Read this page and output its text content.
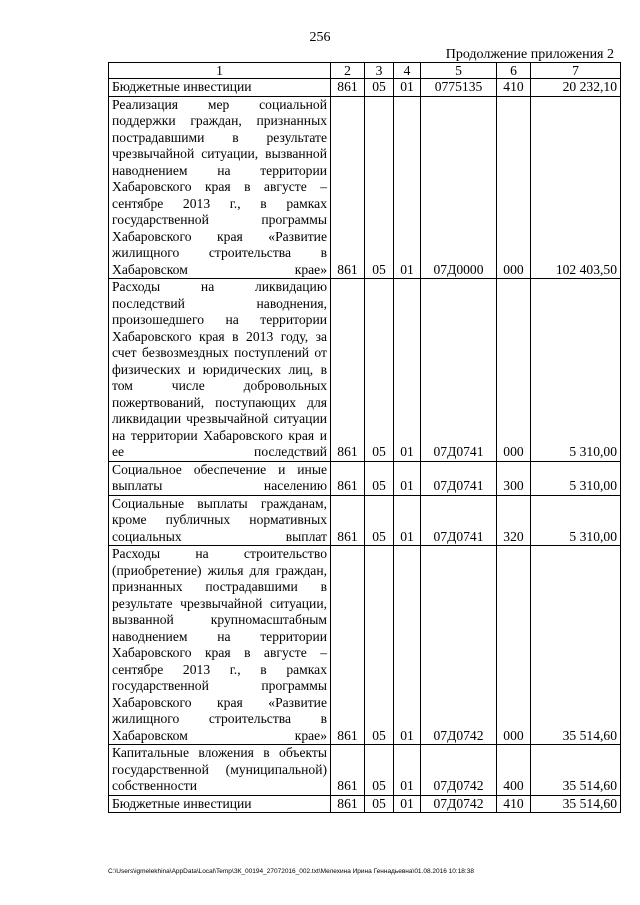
256
Продолжение приложения 2
1	2	3	4	5	6	7
Бюджетные инвестиции	861	05	01	0775135	410	20 232,10
Реализация мер социальной поддержки граждан, признанных пострадавшими в результате чрезвычайной ситуации, вызванной наводнением на территории Хабаровского края в августе – сентябре 2013 г., в рамках государственной программы Хабаровского края «Развитие жилищного строительства в Хабаровском крае»	861	05	01	07Д0000	000	102 403,50
Расходы на ликвидацию последствий наводнения, произошедшего на территории Хабаровского края в 2013 году, за счет безвозмездных поступлений от физических и юридических лиц, в том числе добровольных пожертвований, поступающих для ликвидации чрезвычайной ситуации на территории Хабаровского края и ее последствий	861	05	01	07Д0741	000	5 310,00
Социальное обеспечение и иные выплаты населению	861	05	01	07Д0741	300	5 310,00
Социальные выплаты гражданам, кроме публичных нормативных социальных выплат	861	05	01	07Д0741	320	5 310,00
Расходы на строительство (приобретение) жилья для граждан, признанных пострадавшими в результате чрезвычайной ситуации, вызванной крупномасштабным наводнением на территории Хабаровского края в августе – сентябре 2013 г., в рамках государственной программы Хабаровского края «Развитие жилищного строительства в Хабаровском крае»	861	05	01	07Д0742	000	35 514,60
Капитальные вложения в объекты государственной (муниципальной) собственности	861	05	01	07Д0742	400	35 514,60
Бюджетные инвестиции	861	05	01	07Д0742	410	35 514,60
C:\Users\igmelekhina\AppData\Local\Temp\ЗК_00194_27072016_002.txt\Мелехина Ирина Геннадьевна\01.08.2016 10:18:38
